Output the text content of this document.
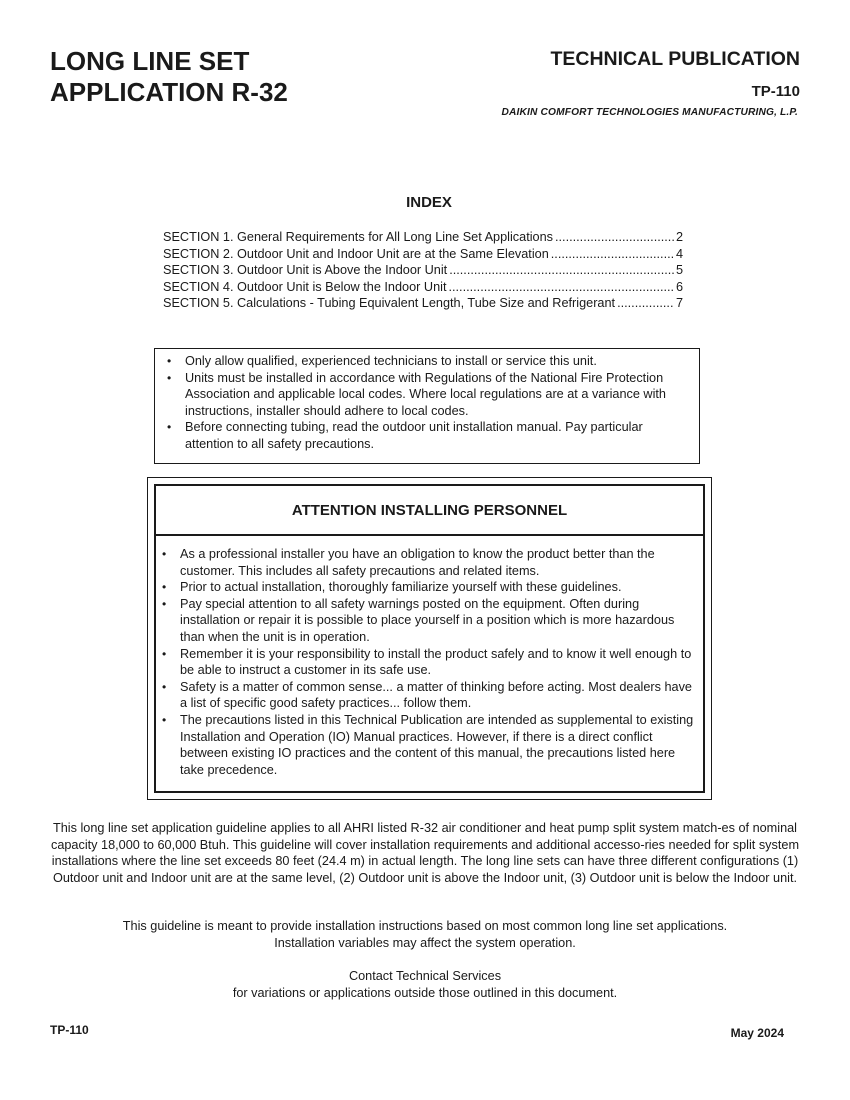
LONG LINE SET
APPLICATION R-32
TECHNICAL PUBLICATION
TP-110
DAIKIN COMFORT TECHNOLOGIES MANUFACTURING, L.P.
INDEX
SECTION 1. General Requirements for All Long Line Set Applications .....	2
SECTION 2. Outdoor Unit and Indoor Unit are at the Same Elevation .....	4
SECTION 3. Outdoor Unit is Above the Indoor Unit .....	5
SECTION 4. Outdoor Unit is Below the Indoor Unit .....	6
SECTION 5. Calculations - Tubing Equivalent Length, Tube Size and Refrigerant .....	7
• Only allow qualified, experienced technicians to install or service this unit.
• Units must be installed in accordance with Regulations of the National Fire Protection Association and applicable local codes. Where local regulations are at a variance with instructions, installer should adhere to local codes.
• Before connecting tubing, read the outdoor unit installation manual. Pay particular attention to all safety precautions.
ATTENTION INSTALLING PERSONNEL
• As a professional installer you have an obligation to know the product better than the customer. This includes all safety precautions and related items.
• Prior to actual installation, thoroughly familiarize yourself with these guidelines.
• Pay special attention to all safety warnings posted on the equipment. Often during installation or repair it is possible to place yourself in a position which is more hazardous than when the unit is in operation.
• Remember it is your responsibility to install the product safely and to know it well enough to be able to instruct a customer in its safe use.
• Safety is a matter of common sense... a matter of thinking before acting. Most dealers have a list of specific good safety practices... follow them.
• The precautions listed in this Technical Publication are intended as supplemental to existing Installation and Operation (IO) Manual practices. However, if there is a direct conflict between existing IO practices and the content of this manual, the precautions listed here take precedence.
This long line set application guideline applies to all AHRI listed R-32 air conditioner and heat pump split system match-es of nominal capacity 18,000 to 60,000 Btuh. This guideline will cover installation requirements and additional accesso-ries needed for split system installations where the line set exceeds 80 feet (24.4 m) in actual length. The long line sets can have three different configurations (1) Outdoor unit and Indoor unit are at the same level, (2) Outdoor unit is above the Indoor unit, (3) Outdoor unit is below the Indoor unit.
This guideline is meant to provide installation instructions based on most common long line set applications.
Installation variables may affect the system operation.
Contact Technical Services
for variations or applications outside those outlined in this document.
TP-110	May 2024
